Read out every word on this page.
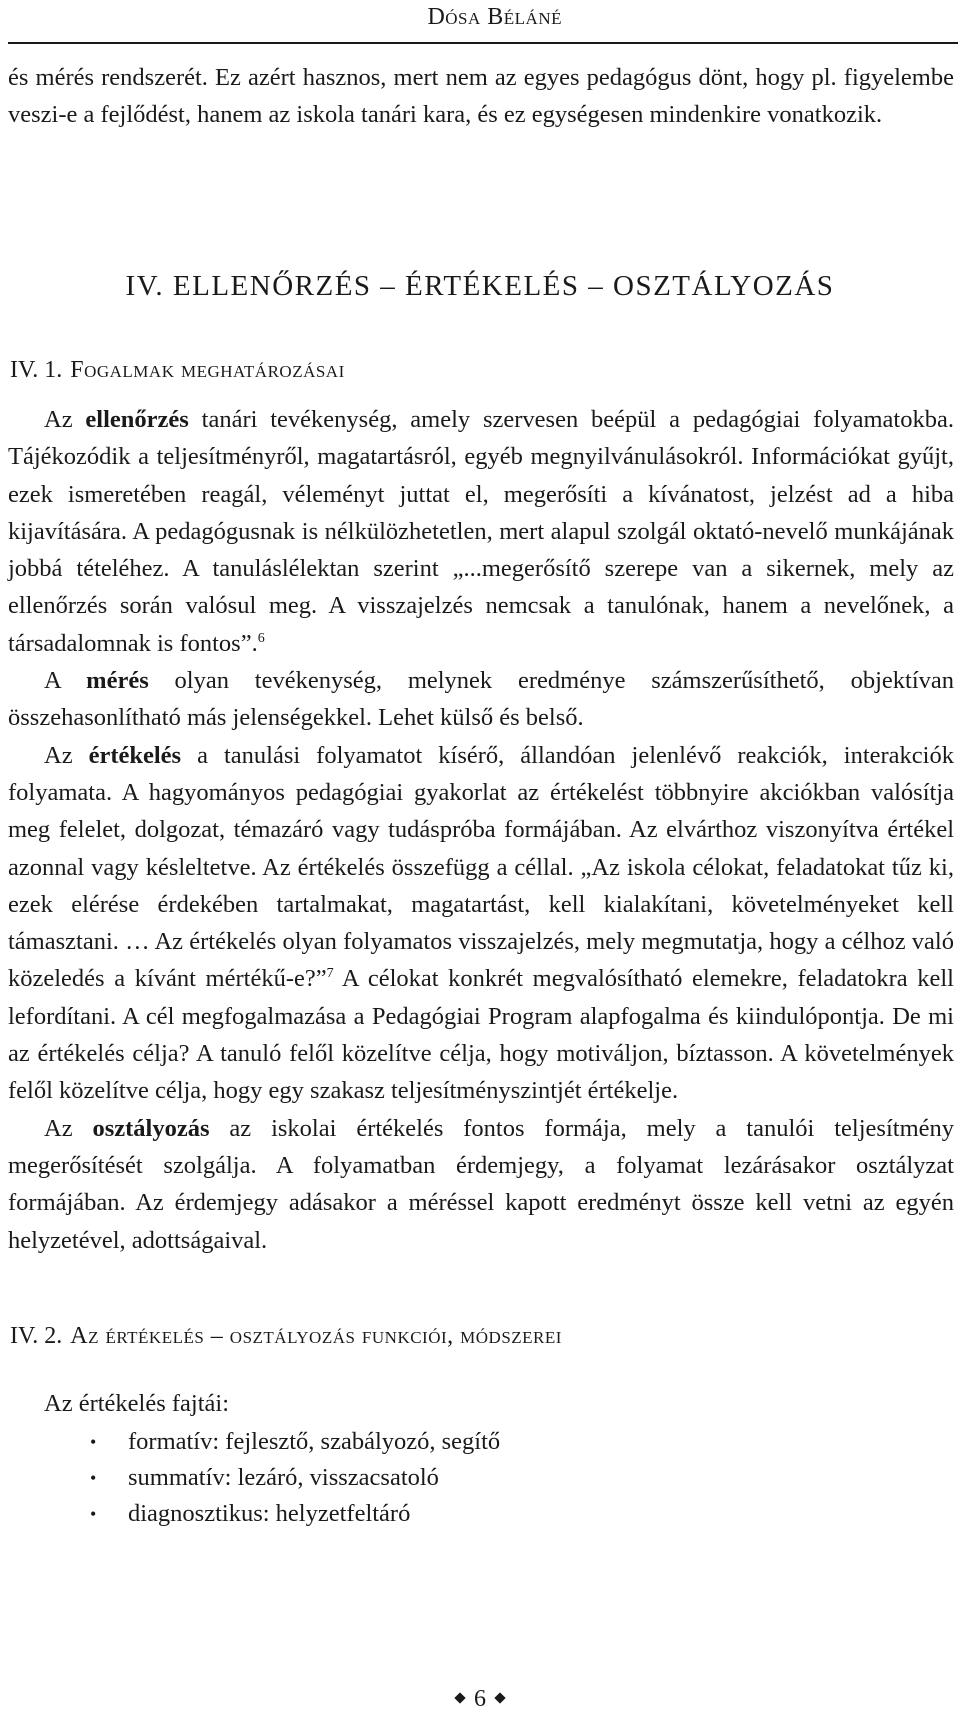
Dósa Béláné

és mérés rendszerét. Ez azért hasznos, mert nem az egyes pedagógus dönt, hogy pl. figyelembe veszi-e a fejlődést, hanem az iskola tanári kara, és ez egységesen mindenkire vonatkozik.

IV. ELLENŐRZÉS – ÉRTÉKELÉS – OSZTÁLYOZÁS
IV. 1. Fogalmak meghatározásai

Az ellenőrzés tanári tevékenység, amely szervesen beépül a pedagógiai folyamatokba. Tájékozódik a teljesítményről, magatartásról, egyéb megnyilvánulásokról. Információkat gyűjt, ezek ismeretében reagál, véleményt juttat el, megerősíti a kívánatost, jelzést ad a hiba kijavítására. A pedagógusnak is nélkülözhetetlen, mert alapul szolgál oktató-nevelő munkájának jobbá tételéhez. A tanuláslélektan szerint „...megerősítő szerepe van a sikernek, mely az ellenőrzés során valósul meg. A visszajelzés nemcsak a tanulónak, hanem a nevelőnek, a társadalomnak is fontos”.$^6$

A mérés olyan tevékenység, melynek eredménye számszerűsíthető, objektívan összehasonlítható más jelenségekkel. Lehet külső és belső.

Az értékelés a tanulási folyamatot kísérő, állandóan jelenlévő reakciók, interakciók folyamata. A hagyományos pedagógiai gyakorlat az értékelést többnyire akciókban valósítja meg felelet, dolgozat, témazáró vagy tudáspróba formájában. Az elvárthoz viszonyítva értékel azonnal vagy késleltetve. Az értékelés összefügg a céllal. „Az iskola célokat, feladatokat tűz ki, ezek elérése érdekében tartalmakat, magatartást, kell kialakítani, követelményeket kell támasztani. … Az értékelés olyan folyamatos visszajelzés, mely megmutatja, hogy a célhoz való közeledés a kívánt mértékű-e?”$^7$ A célokat konkrét megvalósítható elemekre, feladatokra kell lefordítani. A cél megfogalmazása a Pedagógiai Program alapfogalma és kiindulópontja. De mi az értékelés célja? A tanuló felől közelítve célja, hogy motiváljon, bíztasson. A követelmények felől közelítve célja, hogy egy szakasz teljesítményszintjét értékelje.

Az osztályozás az iskolai értékelés fontos formája, mely a tanulói teljesítmény megerősítését szolgálja. A folyamatban érdemjegy, a folyamat lezárásakor osztályzat formájában. Az érdemjegy adásakor a méréssel kapott eredményt össze kell vetni az egyén helyzetével, adottságaival.

IV. 2. Az értékelés – osztályozás funkciói, módszerei
Az értékelés fajtái:
• formatív: fejlesztő, szabályozó, segítő
• summatív: lezáró, visszacsatoló
• diagnosztikus: helyzetfeltáró
6
